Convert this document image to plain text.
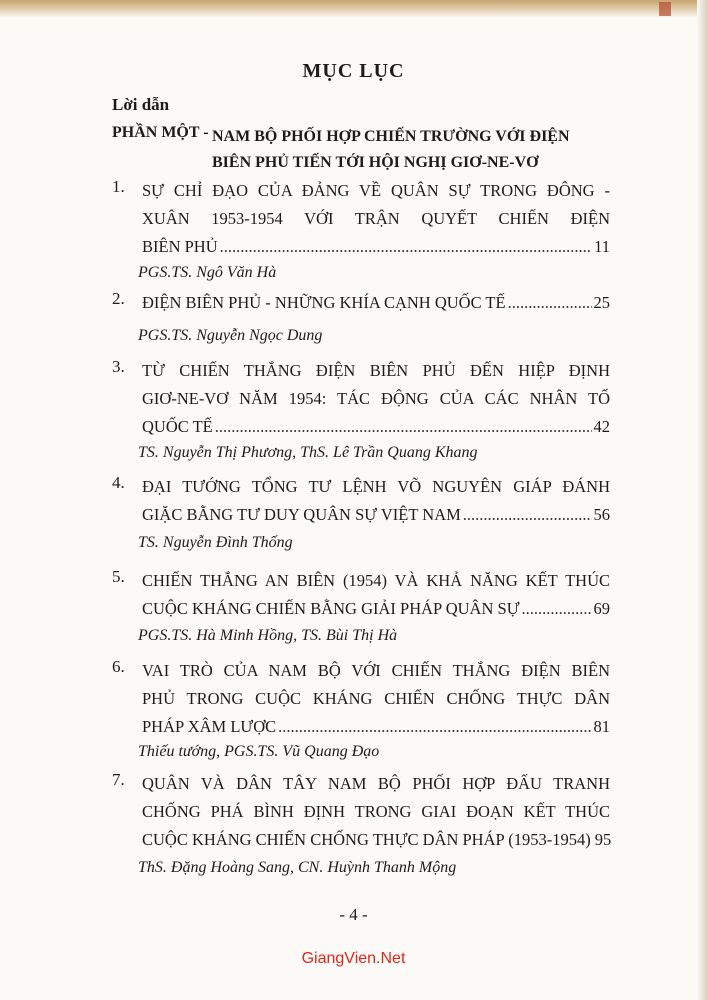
MỤC LỤC
Lời dẫn
PHẦN MỘT - NAM BỘ PHỐI HỢP CHIẾN TRƯỜNG VỚI ĐIỆN
BIÊN PHỦ TIẾN TỚI HỘI NGHỊ GIƠ-NE-VƠ
1. SỰ CHỈ ĐẠO CỦA ĐẢNG VỀ QUÂN SỰ TRONG ĐÔNG -
XUÂN 1953-1954 VỚI TRẬN QUYẾT CHIẾN ĐIỆN
BIÊN PHỦ .....	11
PGS.TS. Ngô Văn Hà
2. ĐIỆN BIÊN PHỦ - NHỮNG KHÍA CẠNH QUỐC TẾ .....	25
PGS.TS. Nguyễn Ngọc Dung
3. TỪ CHIẾN THẮNG ĐIỆN BIÊN PHỦ ĐẾN HIỆP ĐỊNH
GIƠ-NE-VƠ NĂM 1954: TÁC ĐỘNG CỦA CÁC NHÂN TỐ
QUỐC TẾ .....	42
TS. Nguyễn Thị Phương, ThS. Lê Trần Quang Khang
4. ĐẠI TƯỚNG TỔNG TƯ LỆNH VÕ NGUYÊN GIÁP ĐÁNH
GIẶC BẰNG TƯ DUY QUÂN SỰ VIỆT NAM .....	56
TS. Nguyễn Đình Thống
5. CHIẾN THẮNG AN BIÊN (1954) VÀ KHẢ NĂNG KẾT THÚC
CUỘC KHÁNG CHIẾN BẰNG GIẢI PHÁP QUÂN SỰ .....	69
PGS.TS. Hà Minh Hồng, TS. Bùi Thị Hà
6. VAI TRÒ CỦA NAM BỘ VỚI CHIẾN THẮNG ĐIỆN BIÊN
PHỦ TRONG CUỘC KHÁNG CHIẾN CHỐNG THỰC DÂN
PHÁP XÂM LƯỢC .....	81
Thiếu tướng, PGS.TS. Vũ Quang Đạo
7. QUÂN VÀ DÂN TÂY NAM BỘ PHỐI HỢP ĐẤU TRANH
CHỐNG PHÁ BÌNH ĐỊNH TRONG GIAI ĐOẠN KẾT THÚC
CUỘC KHÁNG CHIẾN CHỐNG THỰC DÂN PHÁP (1953-1954) 95
ThS. Đặng Hoàng Sang, CN. Huỳnh Thanh Mộng
- 4 -
GiangVien.Net
